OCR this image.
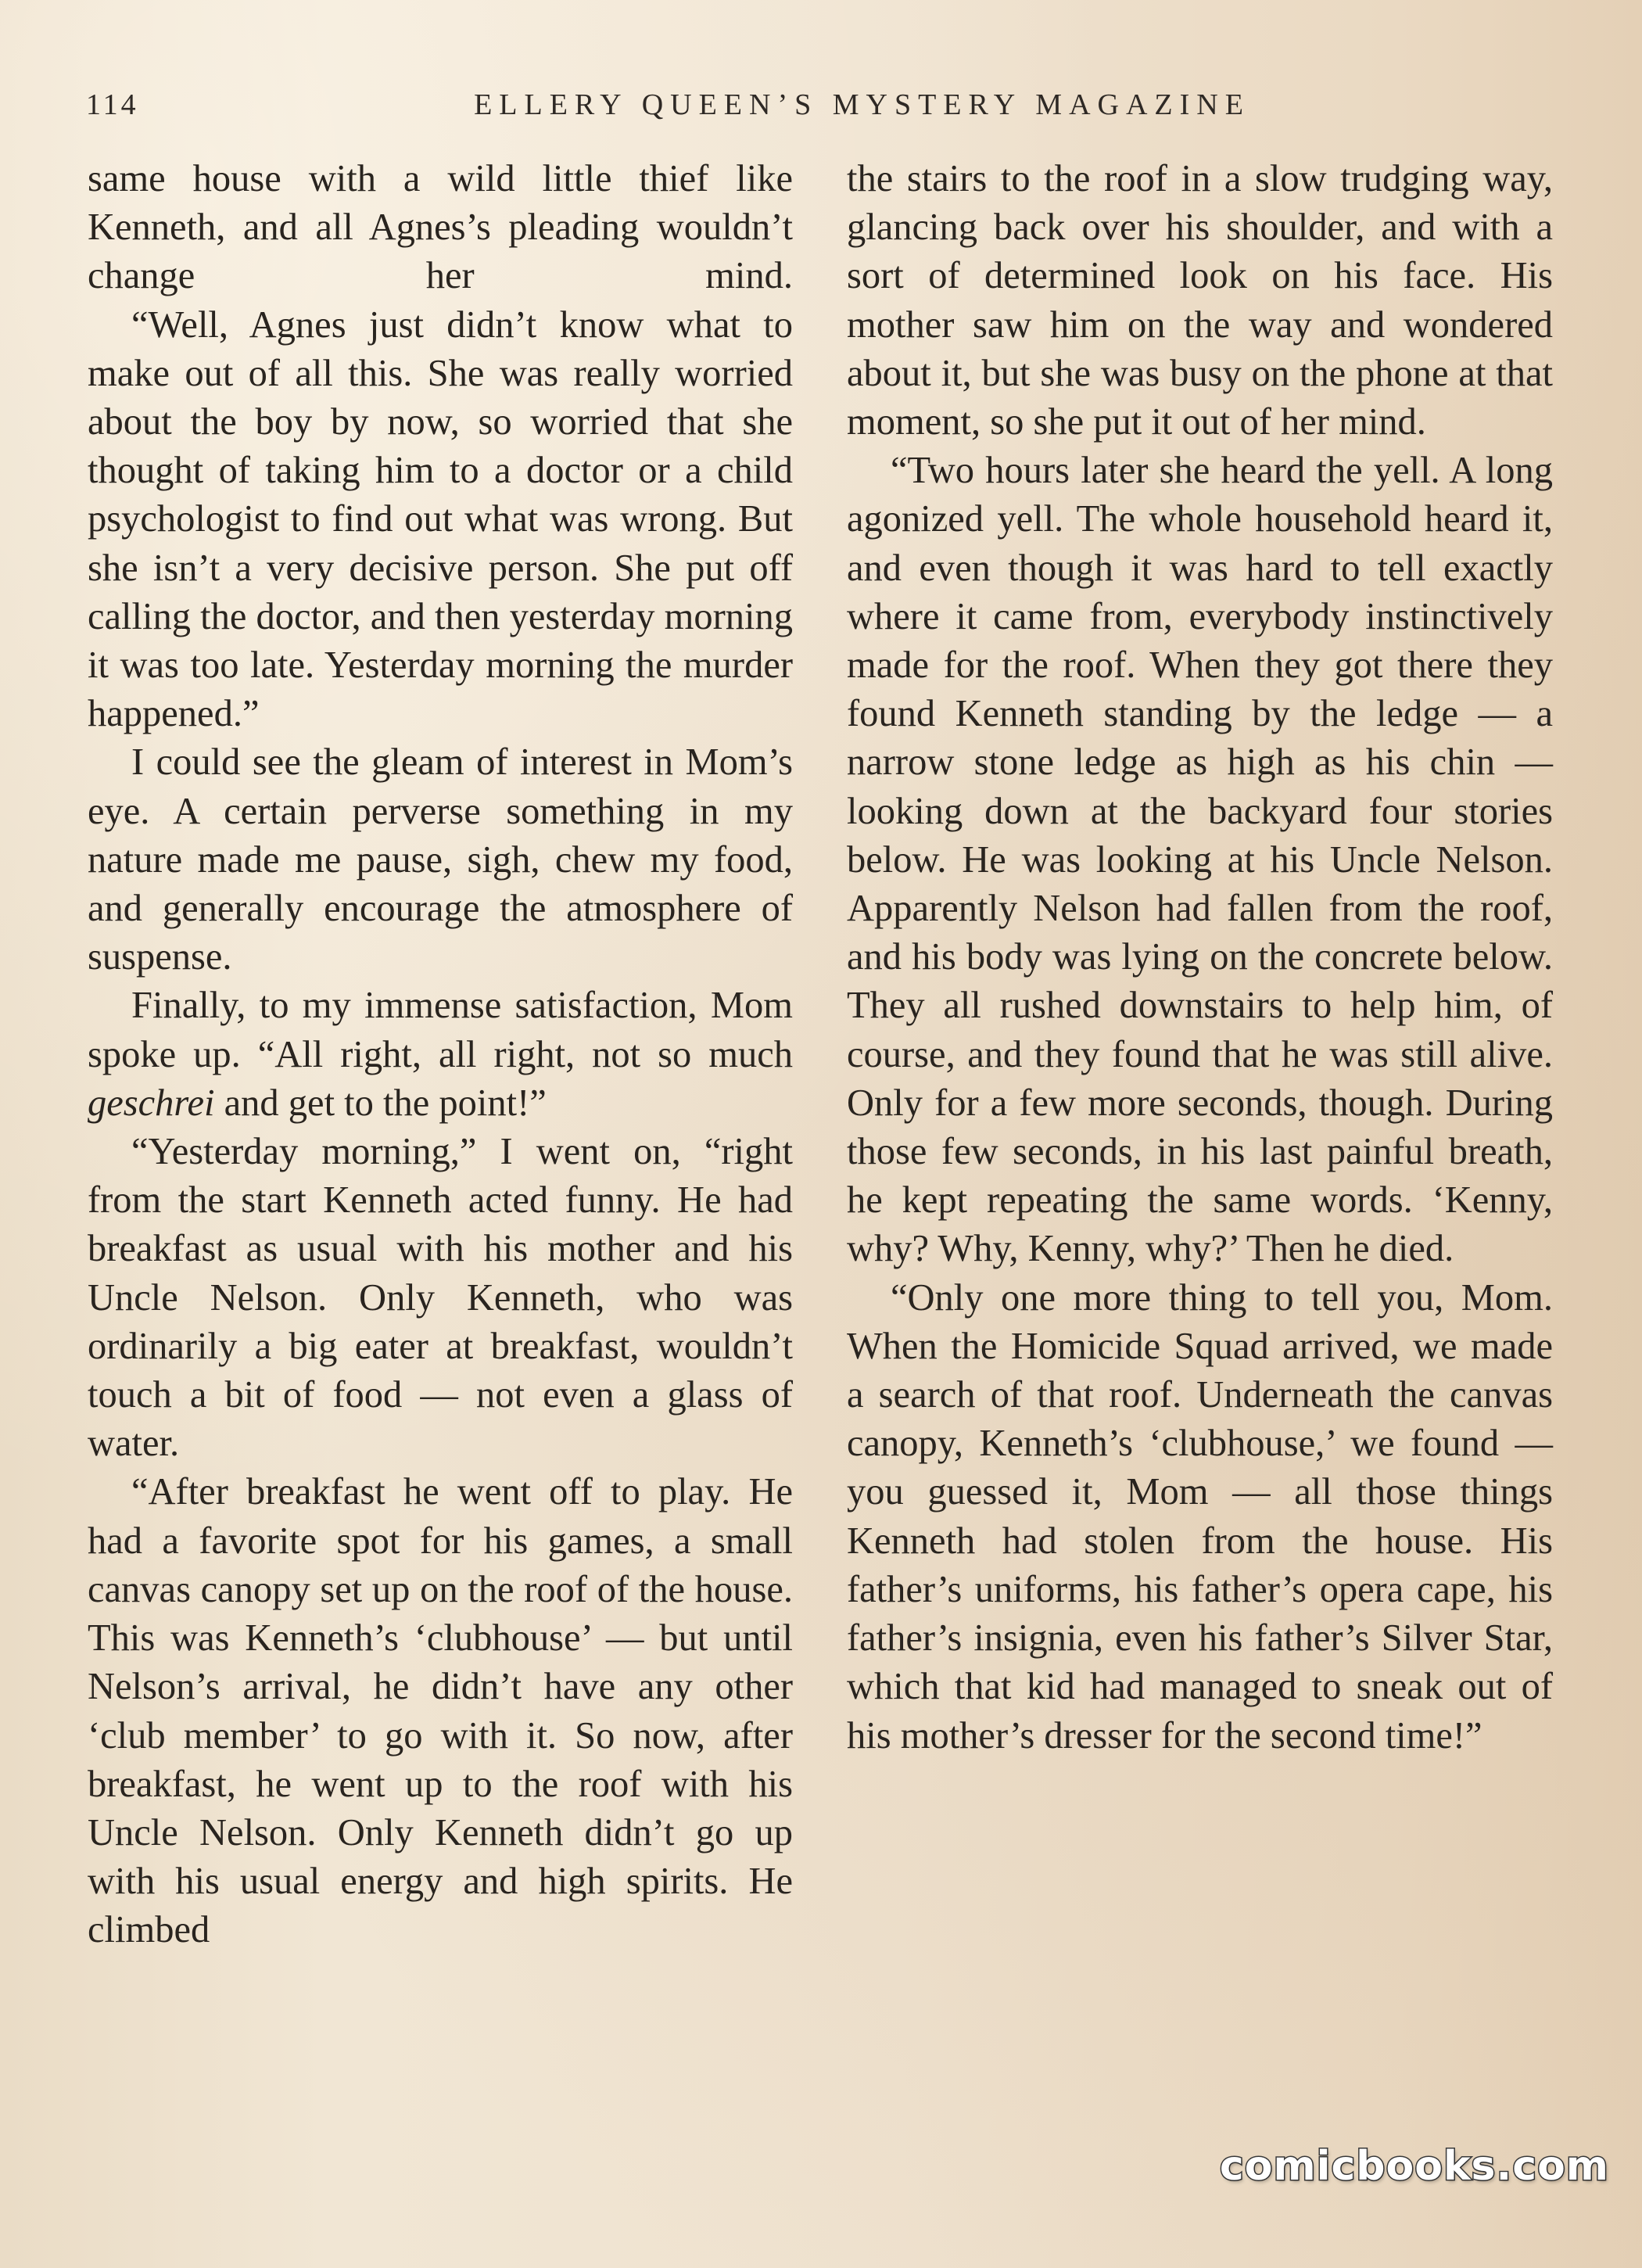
114	ELLERY QUEEN’S MYSTERY MAGAZINE

same house with a wild little thief like Kenneth, and all Agnes’s pleading wouldn’t change her mind.

“Well, Agnes just didn’t know what to make out of all this. She was really worried about the boy by now, so worried that she thought of taking him to a doctor or a child psychologist to find out what was wrong. But she isn’t a very decisive person. She put off calling the doctor, and then yesterday morning it was too late. Yesterday morning the murder happened.”

I could see the gleam of interest in Mom’s eye. A certain perverse something in my nature made me pause, sigh, chew my food, and generally encourage the atmosphere of suspense.

Finally, to my immense satisfaction, Mom spoke up. “All right, all right, not so much geschrei and get to the point!”

“Yesterday morning,” I went on, “right from the start Kenneth acted funny. He had breakfast as usual with his mother and his Uncle Nelson. Only Kenneth, who was ordinarily a big eater at breakfast, wouldn’t touch a bit of food — not even a glass of water.

“After breakfast he went off to play. He had a favorite spot for his games, a small canvas canopy set up on the roof of the house. This was Kenneth’s ‘clubhouse’ — but until Nelson’s arrival, he didn’t have any other ‘club member’ to go with it. So now, after breakfast, he went up to the roof with his Uncle Nelson. Only Kenneth didn’t go up with his usual energy and high spirits. He climbed

the stairs to the roof in a slow trudging way, glancing back over his shoulder, and with a sort of determined look on his face. His mother saw him on the way and wondered about it, but she was busy on the phone at that moment, so she put it out of her mind.

“Two hours later she heard the yell. A long agonized yell. The whole household heard it, and even though it was hard to tell exactly where it came from, everybody instinctively made for the roof. When they got there they found Kenneth standing by the ledge — a narrow stone ledge as high as his chin — looking down at the backyard four stories below. He was looking at his Uncle Nelson. Apparently Nelson had fallen from the roof, and his body was lying on the concrete below. They all rushed downstairs to help him, of course, and they found that he was still alive. Only for a few more seconds, though. During those few seconds, in his last painful breath, he kept repeating the same words. ‘Kenny, why? Why, Kenny, why?’ Then he died.

“Only one more thing to tell you, Mom. When the Homicide Squad arrived, we made a search of that roof. Underneath the canvas canopy, Kenneth’s ‘clubhouse,’ we found — you guessed it, Mom — all those things Kenneth had stolen from the house. His father’s uniforms, his father’s opera cape, his father’s insignia, even his father’s Silver Star, which that kid had managed to sneak out of his mother’s dresser for the second time!”

comicbooks.com
